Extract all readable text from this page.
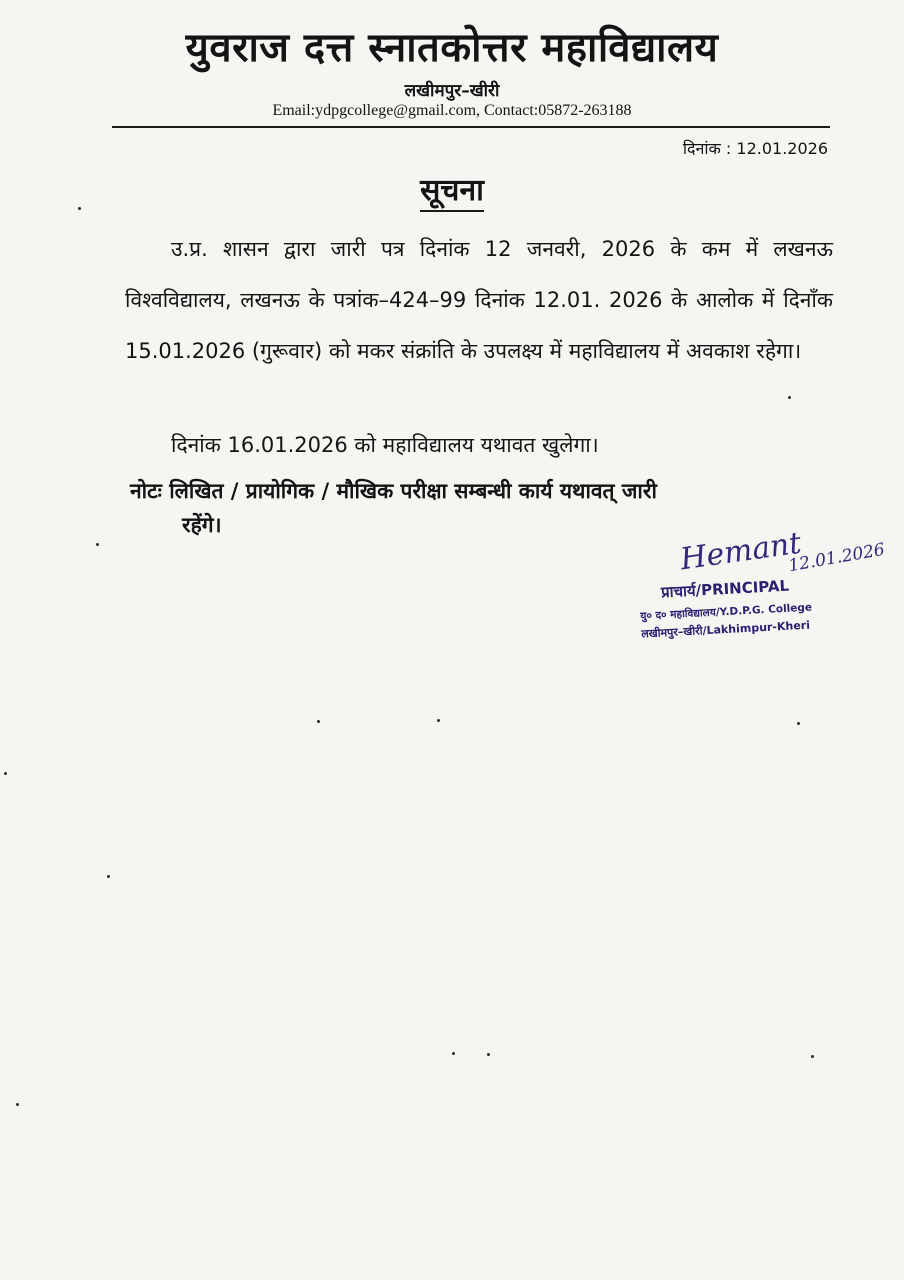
युवराज दत्त स्नातकोत्तर महाविद्यालय
लखीमपुर–खीरी
Email:ydpgcollege@gmail.com, Contact:05872-263188
दिनांक : 12.01.2026
सूचना

उ.प्र. शासन द्वारा जारी पत्र दिनांक 12 जनवरी, 2026 के कम में लखनऊ विश्वविद्यालय, लखनऊ के पत्रांक–424–99 दिनांक 12.01. 2026 के आलोक में दिनाँक 15.01.2026 (गुरूवार) को मकर संक्रांति के उपलक्ष्य में महाविद्यालय में अवकाश रहेगा।

दिनांक 16.01.2026 को महाविद्यालय यथावत खुलेगा।

नोटः लिखित / प्रायोगिक / मौखिक परीक्षा सम्बन्धी कार्य यथावत् जारी
रहेंगे।

Hemant
12.01.2026
प्राचार्य/PRINCIPAL
यु० द० महाविद्यालय/Y.D.P.G. College
लखीमपुर–खीरी/Lakhimpur-Kheri
